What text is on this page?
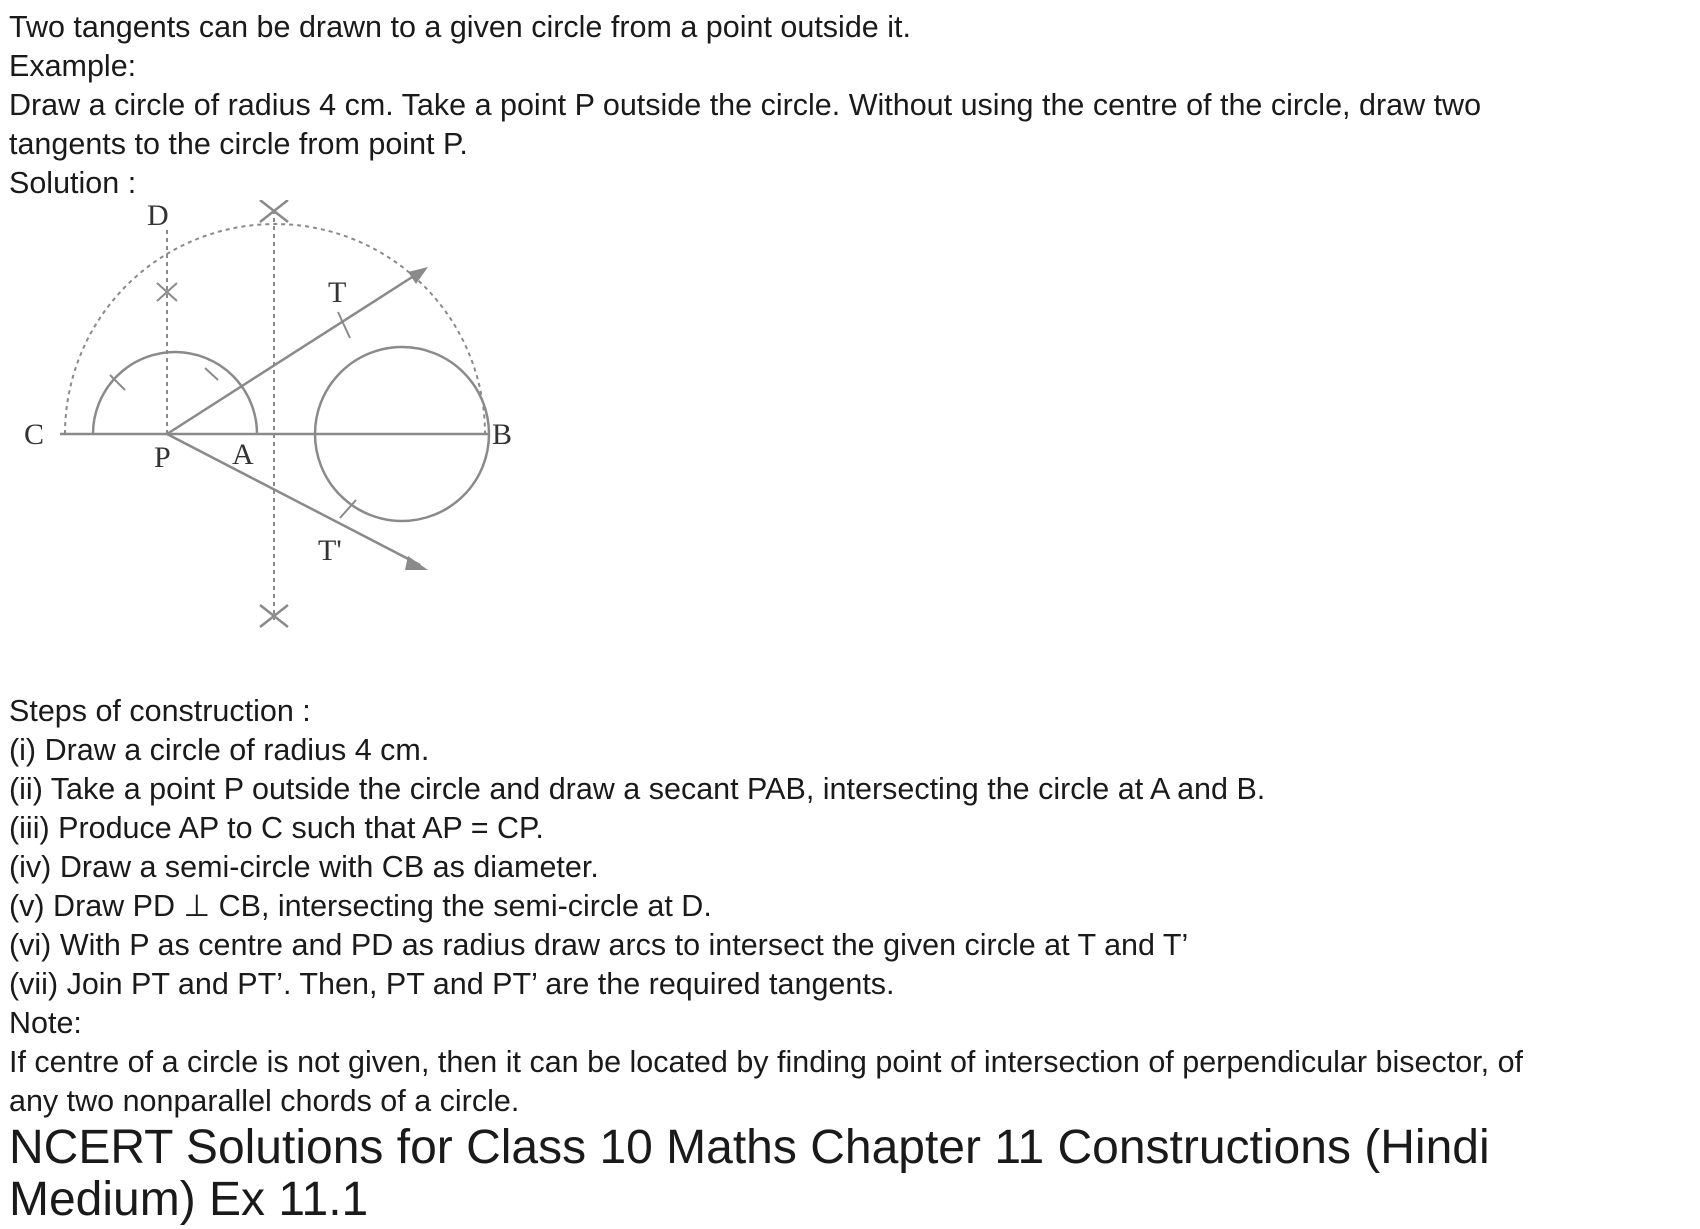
Two tangents can be drawn to a given circle from a point outside it.

Example:

Draw a circle of radius 4 cm. Take a point P outside the circle. Without using the centre of the circle, draw two

tangents to the circle from point P.

Solution :

C
P A
B
D
T
T'

Steps of construction :

(i) Draw a circle of radius 4 cm.

(ii) Take a point P outside the circle and draw a secant PAB, intersecting the circle at A and B.

(iii) Produce AP to C such that AP = CP.

(iv) Draw a semi-circle with CB as diameter.

(v) Draw PD ⊥ CB, intersecting the semi-circle at D.

(vi) With P as centre and PD as radius draw arcs to intersect the given circle at T and T’

(vii) Join PT and PT’. Then, PT and PT’ are the required tangents.

Note:

If centre of a circle is not given, then it can be located by finding point of intersection of perpendicular bisector, of

any two nonparallel chords of a circle.

NCERT Solutions for Class 10 Maths Chapter 11 Constructions (Hindi
Medium) Ex 11.1
